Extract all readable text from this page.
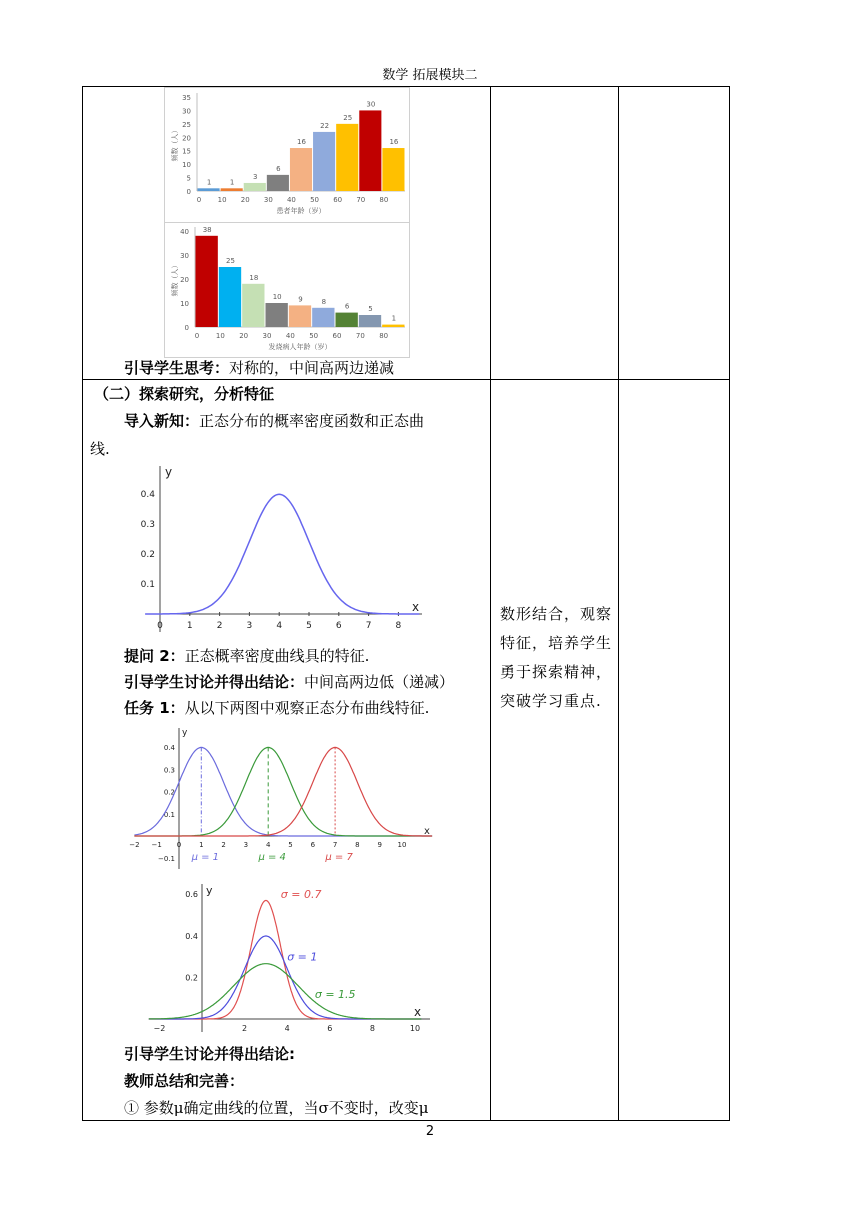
数学 拓展模块二
0
5
10
15
20
25
30
35
1
0
1
10
3
20
6
30
16
40
22
50
25
60
30
70
16
80
频数（人）
患者年龄（岁）
0
10
20
30
40 38
0
25
10
18
20
10
30
9
40
8
50
6
60
5
70
1
80
频数（人）
发烧病人年龄（岁）
引导学生思考：对称的，中间高两边递减
（二）探索研究，分析特征
导入新知：正态分布的概率密度函数和正态曲
线.
x
y
0	1	2	3	4	5	6	7	8
0.1
0.2
0.3
0.4
提问 2：正态概率密度曲线具的特征.
引导学生讨论并得出结论：中间高两边低（递减）
任务 1：从以下两图中观察正态分布曲线特征.
x
y
−2 −1 0	1	2	3	4	5	6	7	8	9 10
0.4
0.3
0.2
0.1
−0.1 μ = 1	μ = 4	μ = 7
x
y
−2	2	4	6	8	10
0.6
0.4
0.2
σ = 0.7
σ = 1
σ = 1.5
引导学生讨论并得出结论:
教师总结和完善：
① 参数μ确定曲线的位置，当σ不变时，改变μ
数形结合，观察特征，培养学生勇于探索精神，突破学习重点.
2
